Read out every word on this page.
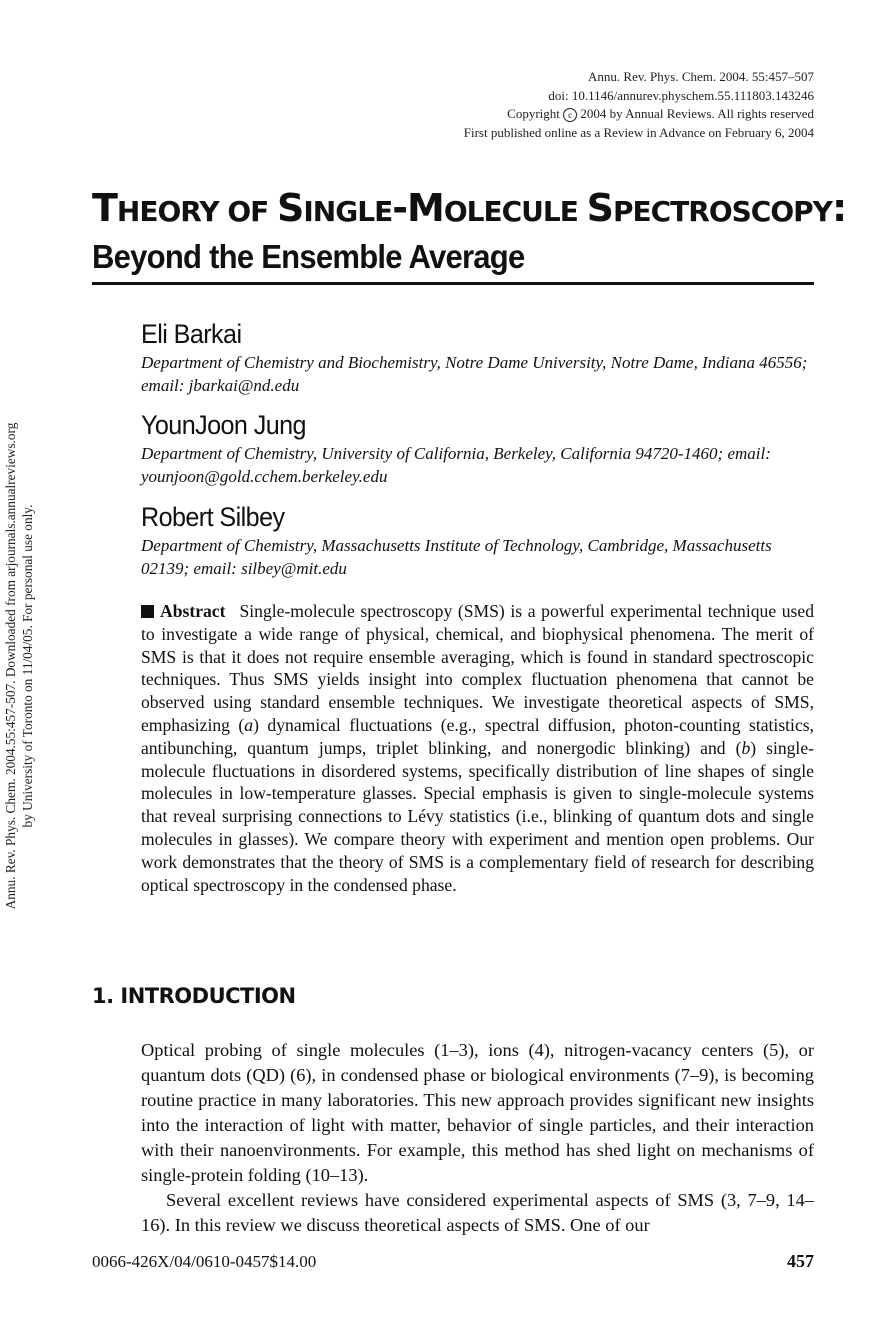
Annu. Rev. Phys. Chem. 2004. 55:457–507
doi: 10.1146/annurev.physchem.55.111803.143246
Copyright c 2004 by Annual Reviews. All rights reserved
First published online as a Review in Advance on February 6, 2004
Annu. Rev. Phys. Chem. 2004.55:457-507. Downloaded from arjournals.annualreviews.org by University of Toronto on 11/04/05. For personal use only.
THEORY OF SINGLE-MOLECULE SPECTROSCOPY:
Beyond the Ensemble Average
Eli Barkai
Department of Chemistry and Biochemistry, Notre Dame University, Notre Dame, Indiana 46556; email: jbarkai@nd.edu
YounJoon Jung
Department of Chemistry, University of California, Berkeley, California 94720-1460; email: younjoon@gold.cchem.berkeley.edu
Robert Silbey
Department of Chemistry, Massachusetts Institute of Technology, Cambridge, Massachusetts 02139; email: silbey@mit.edu

Abstract Single-molecule spectroscopy (SMS) is a powerful experimental technique used to investigate a wide range of physical, chemical, and biophysical phenomena. The merit of SMS is that it does not require ensemble averaging, which is found in standard spectroscopic techniques. Thus SMS yields insight into complex fluctuation phenomena that cannot be observed using standard ensemble techniques. We investigate theoretical aspects of SMS, emphasizing (a) dynamical fluctuations (e.g., spectral diffusion, photon-counting statistics, antibunching, quantum jumps, triplet blinking, and nonergodic blinking) and (b) single-molecule fluctuations in disordered systems, specifically distribution of line shapes of single molecules in low-temperature glasses. Special emphasis is given to single-molecule systems that reveal surprising connections to Lévy statistics (i.e., blinking of quantum dots and single molecules in glasses). We compare theory with experiment and mention open problems. Our work demonstrates that the theory of SMS is a complementary field of research for describing optical spectroscopy in the condensed phase.

1. INTRODUCTION

Optical probing of single molecules (1–3), ions (4), nitrogen-vacancy centers (5), or quantum dots (QD) (6), in condensed phase or biological environments (7–9), is becoming routine practice in many laboratories. This new approach provides significant new insights into the interaction of light with matter, behavior of single particles, and their interaction with their nanoenvironments. For example, this method has shed light on mechanisms of single-protein folding (10–13).

Several excellent reviews have considered experimental aspects of SMS (3, 7–9, 14–16). In this review we discuss theoretical aspects of SMS. One of our

0066-426X/04/0610-0457$14.00	457
